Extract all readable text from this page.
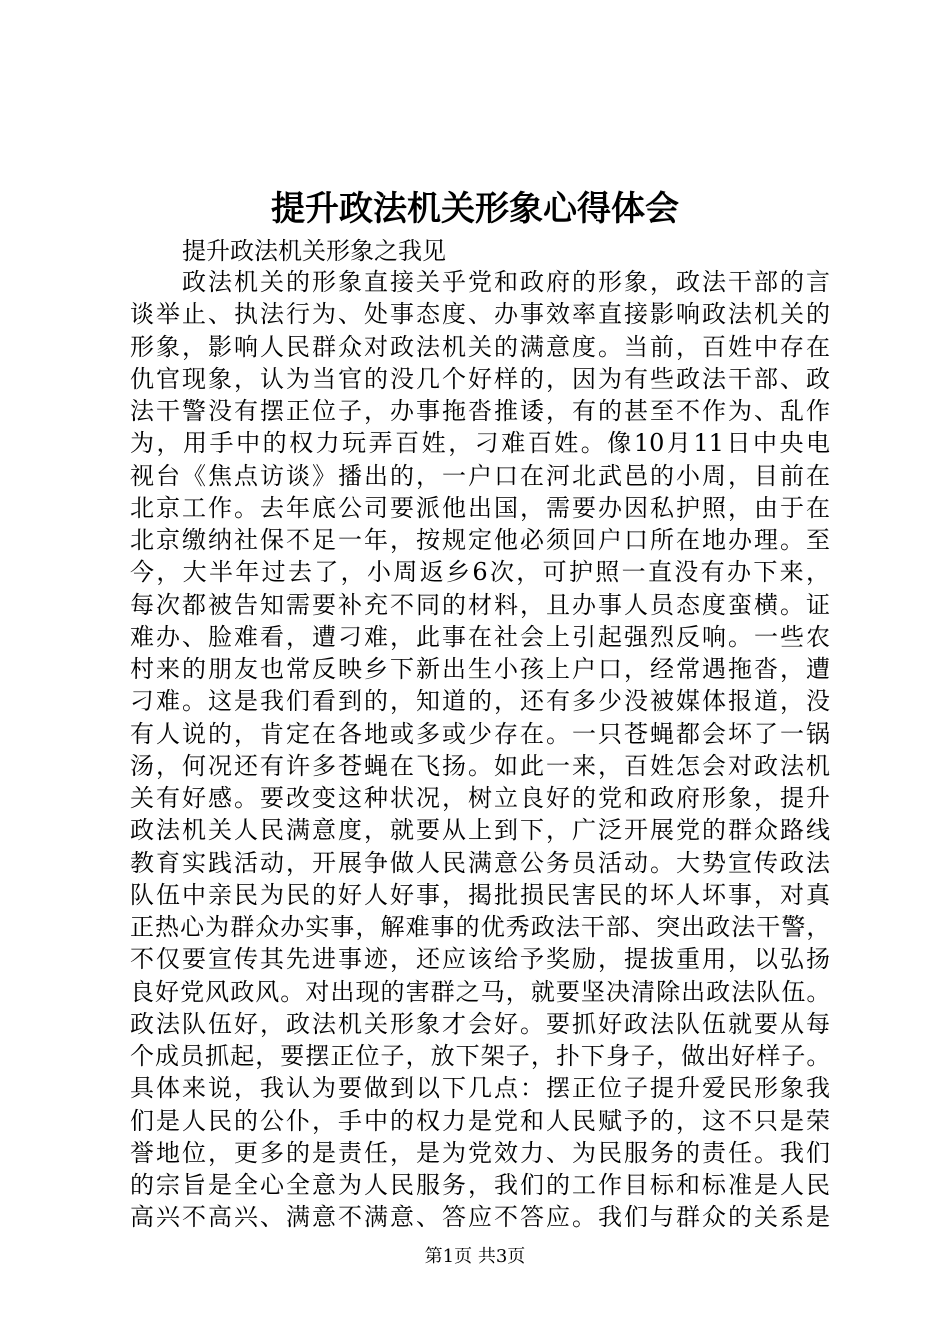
提升政法机关形象心得体会

提升政法机关形象之我见

政法机关的形象直接关乎党和政府的形象，政法干部的言
谈举止、执法行为、处事态度、办事效率直接影响政法机关的
形象，影响人民群众对政法机关的满意度。当前，百姓中存在
仇官现象，认为当官的没几个好样的，因为有些政法干部、政
法干警没有摆正位子，办事拖沓推诿，有的甚至不作为、乱作
为，用手中的权力玩弄百姓，刁难百姓。像10月11日中央电
视台《焦点访谈》播出的，一户口在河北武邑的小周，目前在
北京工作。去年底公司要派他出国，需要办因私护照，由于在
北京缴纳社保不足一年，按规定他必须回户口所在地办理。至
今，大半年过去了，小周返乡6次，可护照一直没有办下来，
每次都被告知需要补充不同的材料，且办事人员态度蛮横。证
难办、脸难看，遭刁难，此事在社会上引起强烈反响。一些农
村来的朋友也常反映乡下新出生小孩上户口，经常遇拖沓，遭
刁难。这是我们看到的，知道的，还有多少没被媒体报道，没
有人说的，肯定在各地或多或少存在。一只苍蝇都会坏了一锅
汤，何况还有许多苍蝇在飞扬。如此一来，百姓怎会对政法机
关有好感。要改变这种状况，树立良好的党和政府形象，提升
政法机关人民满意度，就要从上到下，广泛开展党的群众路线
教育实践活动，开展争做人民满意公务员活动。大势宣传政法
队伍中亲民为民的好人好事，揭批损民害民的坏人坏事，对真
正热心为群众办实事，解难事的优秀政法干部、突出政法干警，
不仅要宣传其先进事迹，还应该给予奖励，提拔重用，以弘扬
良好党风政风。对出现的害群之马，就要坚决清除出政法队伍。
政法队伍好，政法机关形象才会好。要抓好政法队伍就要从每
个成员抓起，要摆正位子，放下架子，扑下身子，做出好样子。
具体来说，我认为要做到以下几点：摆正位子提升爱民形象我
们是人民的公仆，手中的权力是党和人民赋予的，这不只是荣
誉地位，更多的是责任，是为党效力、为民服务的责任。我们
的宗旨是全心全意为人民服务，我们的工作目标和标准是人民
高兴不高兴、满意不满意、答应不答应。我们与群众的关系是
第1页 共3页
